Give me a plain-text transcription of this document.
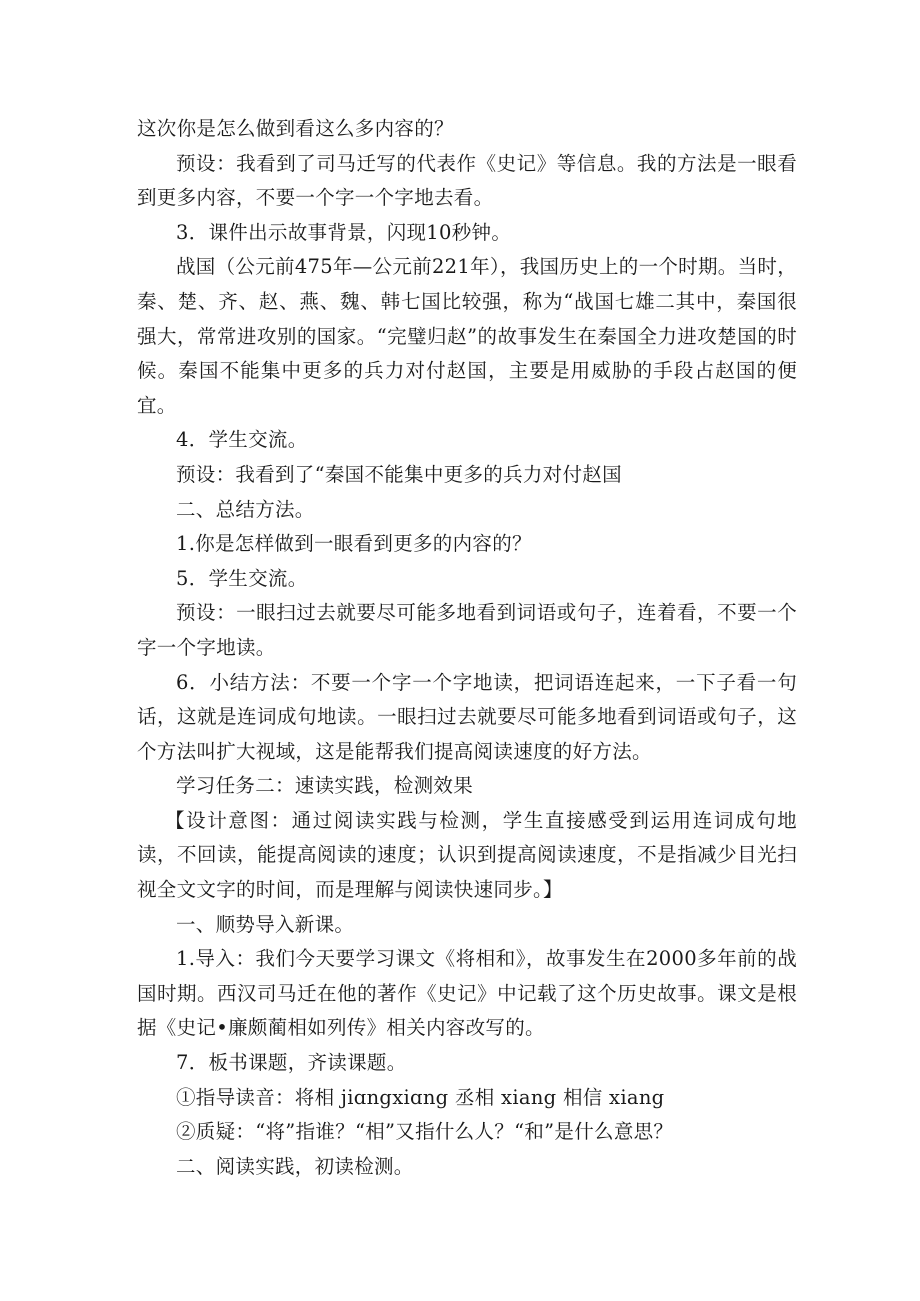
这次你是怎么做到看这么多内容的？

预设：我看到了司马迁写的代表作《史记》等信息。我的方法是一眼看到更多内容，不要一个字一个字地去看。

3．课件出示故事背景，闪现10秒钟。

战国（公元前475年—公元前221年），我国历史上的一个时期。当时，秦、楚、齐、赵、燕、魏、韩七国比较强，称为“战国七雄二其中，秦国很强大，常常进攻别的国家。“完璧归赵”的故事发生在秦国全力进攻楚国的时候。秦国不能集中更多的兵力对付赵国，主要是用威胁的手段占赵国的便宜。

4．学生交流。

预设：我看到了“秦国不能集中更多的兵力对付赵国

二、总结方法。

1.你是怎样做到一眼看到更多的内容的？

5．学生交流。

预设：一眼扫过去就要尽可能多地看到词语或句子，连着看，不要一个字一个字地读。

6．小结方法：不要一个字一个字地读，把词语连起来，一下子看一句话，这就是连词成句地读。一眼扫过去就要尽可能多地看到词语或句子，这个方法叫扩大视域，这是能帮我们提高阅读速度的好方法。

学习任务二：速读实践，检测效果

【设计意图：通过阅读实践与检测，学生直接感受到运用连词成句地读，不回读，能提高阅读的速度；认识到提高阅读速度，不是指减少目光扫视全文文字的时间，而是理解与阅读快速同步。】

一、顺势导入新课。

1.导入：我们今天要学习课文《将相和》，故事发生在2000多年前的战国时期。西汉司马迁在他的著作《史记》中记载了这个历史故事。课文是根据《史记•廉颇蔺相如列传》相关内容改写的。

7．板书课题，齐读课题。

①指导读音：将相 jiɑngxiɑng 丞相 xiang 相信 xiang

②质疑：“将”指谁？“相”又指什么人？“和”是什么意思？

二、阅读实践，初读检测。
